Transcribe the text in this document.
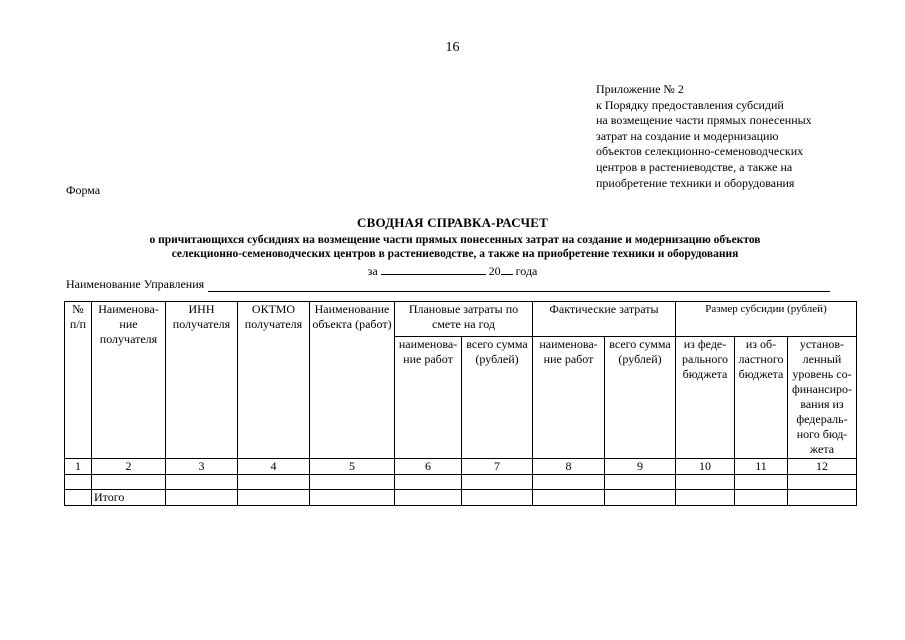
16
Приложение № 2
к Порядку предоставления субсидий
на возмещение части прямых понесенных
затрат на создание и модернизацию
объектов селекционно-семеноводческих
центров в растениеводстве, а также на
приобретение техники и оборудования
Форма
СВОДНАЯ СПРАВКА-РАСЧЕТ
о причитающихся субсидиях на возмещение части прямых понесенных затрат на создание и модернизацию объектов
селекционно-семеноводческих центров в растениеводстве, а также на приобретение техники и оборудования
за	20 года
Наименование Управления
№ п/п	Наименова-ние получателя	ИНН получателя	ОКТМО получателя	Наименование объекта (работ)	Плановые затраты по смете на год		Фактические затраты		Размер субсидии (рублей)		
					наименова-ние работ	всего сумма (рублей)	наименова-ние работ	всего сумма (рублей)	из феде-рального бюджета	из об-ластного бюджета	установ-ленный уровень со-финансиро-вания из федераль-ного бюд-жета
1	2	3	4	5	6	7	8	9	10	11	12

	Итого										
